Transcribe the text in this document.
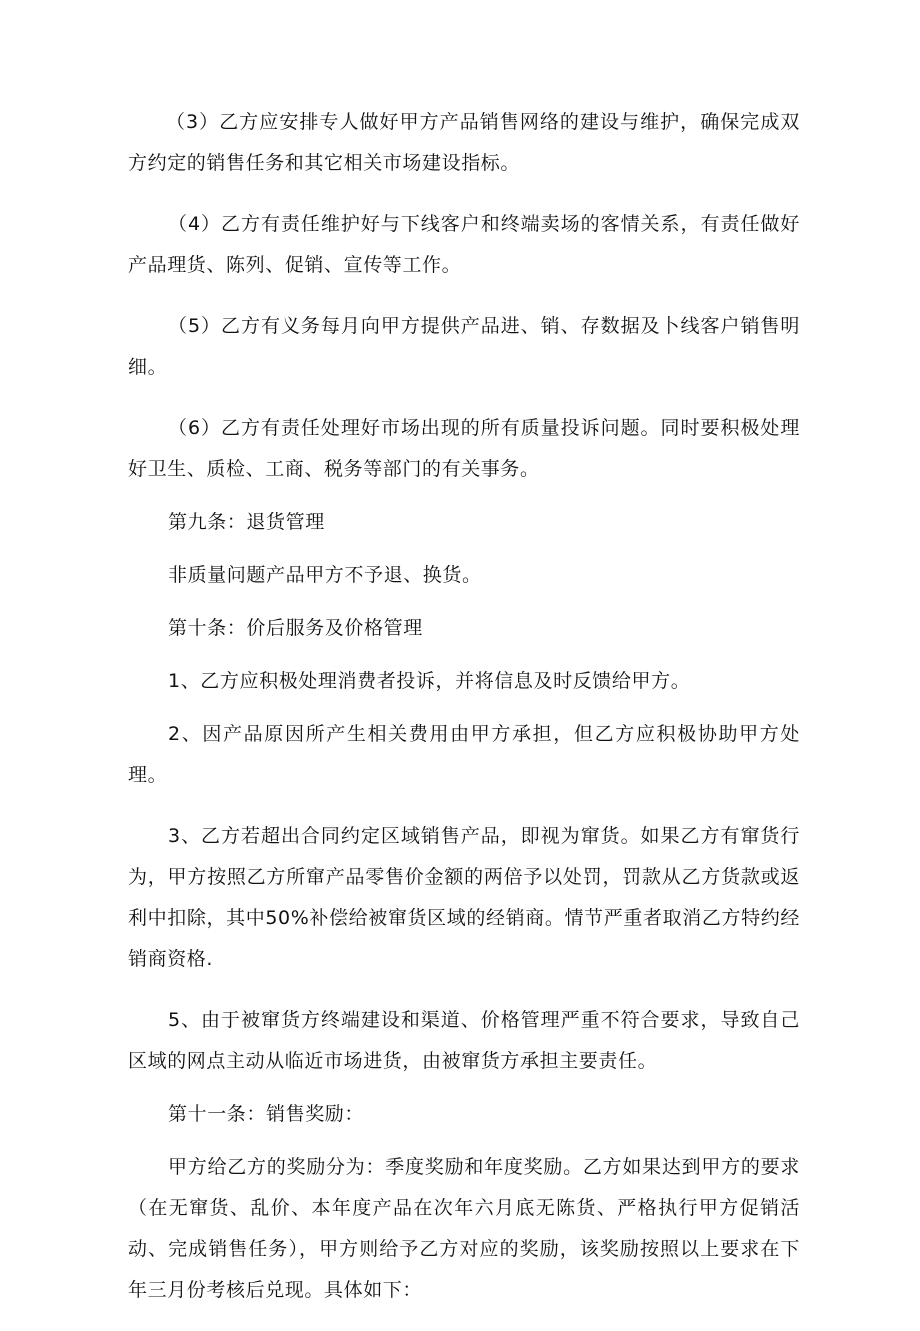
（3）乙方应安排专人做好甲方产品销售网络的建设与维护，确保完成双方约定的销售任务和其它相关市场建设指标。

（4）乙方有责任维护好与下线客户和终端卖场的客情关系，有责任做好产品理货、陈列、促销、宣传等工作。

（5）乙方有义务每月向甲方提供产品进、销、存数据及卜线客户销售明细。

（6）乙方有责任处理好市场出现的所有质量投诉问题。同时要积极处理好卫生、质检、工商、税务等部门的有关事务。

第九条：退货管理

非质量问题产品甲方不予退、换货。

第十条：价后服务及价格管理

1、乙方应积极处理消费者投诉，并将信息及时反馈给甲方。

2、因产品原因所产生相关费用由甲方承担，但乙方应积极协助甲方处理。

3、乙方若超出合同约定区域销售产品，即视为窜货。如果乙方有窜货行为，甲方按照乙方所窜产品零售价金额的两倍予以处罚，罚款从乙方货款或返利中扣除，其中50%补偿给被窜货区域的经销商。情节严重者取消乙方特约经销商资格.

5、由于被窜货方终端建设和渠道、价格管理严重不符合要求，导致自己区域的网点主动从临近市场进货，由被窜货方承担主要责任。

第十一条：销售奖励：

甲方给乙方的奖励分为：季度奖励和年度奖励。乙方如果达到甲方的要求（在无窜货、乱价、本年度产品在次年六月底无陈货、严格执行甲方促销活动、完成销售任务），甲方则给予乙方对应的奖励，该奖励按照以上要求在下年三月份考核后兑现。具体如下：
